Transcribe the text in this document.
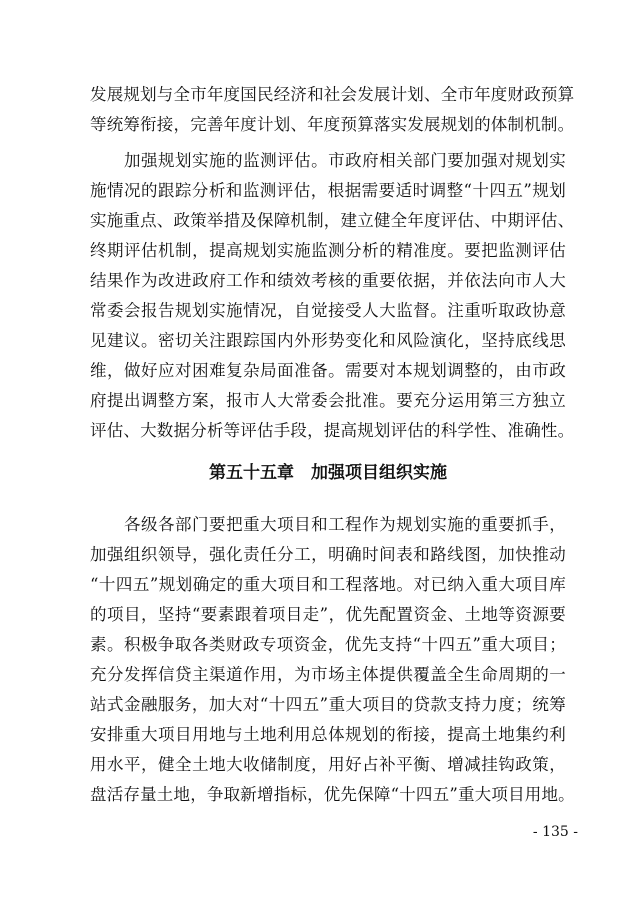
发展规划与全市年度国民经济和社会发展计划、全市年度财政预算
等统筹衔接，完善年度计划、年度预算落实发展规划的体制机制。
加强规划实施的监测评估。市政府相关部门要加强对规划实
施情况的跟踪分析和监测评估，根据需要适时调整“十四五”规划
实施重点、政策举措及保障机制，建立健全年度评估、中期评估、
终期评估机制，提高规划实施监测分析的精准度。要把监测评估
结果作为改进政府工作和绩效考核的重要依据，并依法向市人大
常委会报告规划实施情况，自觉接受人大监督。注重听取政协意
见建议。密切关注跟踪国内外形势变化和风险演化，坚持底线思
维，做好应对困难复杂局面准备。需要对本规划调整的，由市政
府提出调整方案，报市人大常委会批准。要充分运用第三方独立
评估、大数据分析等评估手段，提高规划评估的科学性、准确性。
第五十五章　加强项目组织实施
各级各部门要把重大项目和工程作为规划实施的重要抓手，
加强组织领导，强化责任分工，明确时间表和路线图，加快推动
“十四五”规划确定的重大项目和工程落地。对已纳入重大项目库
的项目，坚持“要素跟着项目走”，优先配置资金、土地等资源要
素。积极争取各类财政专项资金，优先支持“十四五”重大项目；
充分发挥信贷主渠道作用，为市场主体提供覆盖全生命周期的一
站式金融服务，加大对“十四五”重大项目的贷款支持力度；统筹
安排重大项目用地与土地利用总体规划的衔接，提高土地集约利
用水平，健全土地大收储制度，用好占补平衡、增减挂钩政策，
盘活存量土地，争取新增指标，优先保障“十四五”重大项目用地。
- 135 -
